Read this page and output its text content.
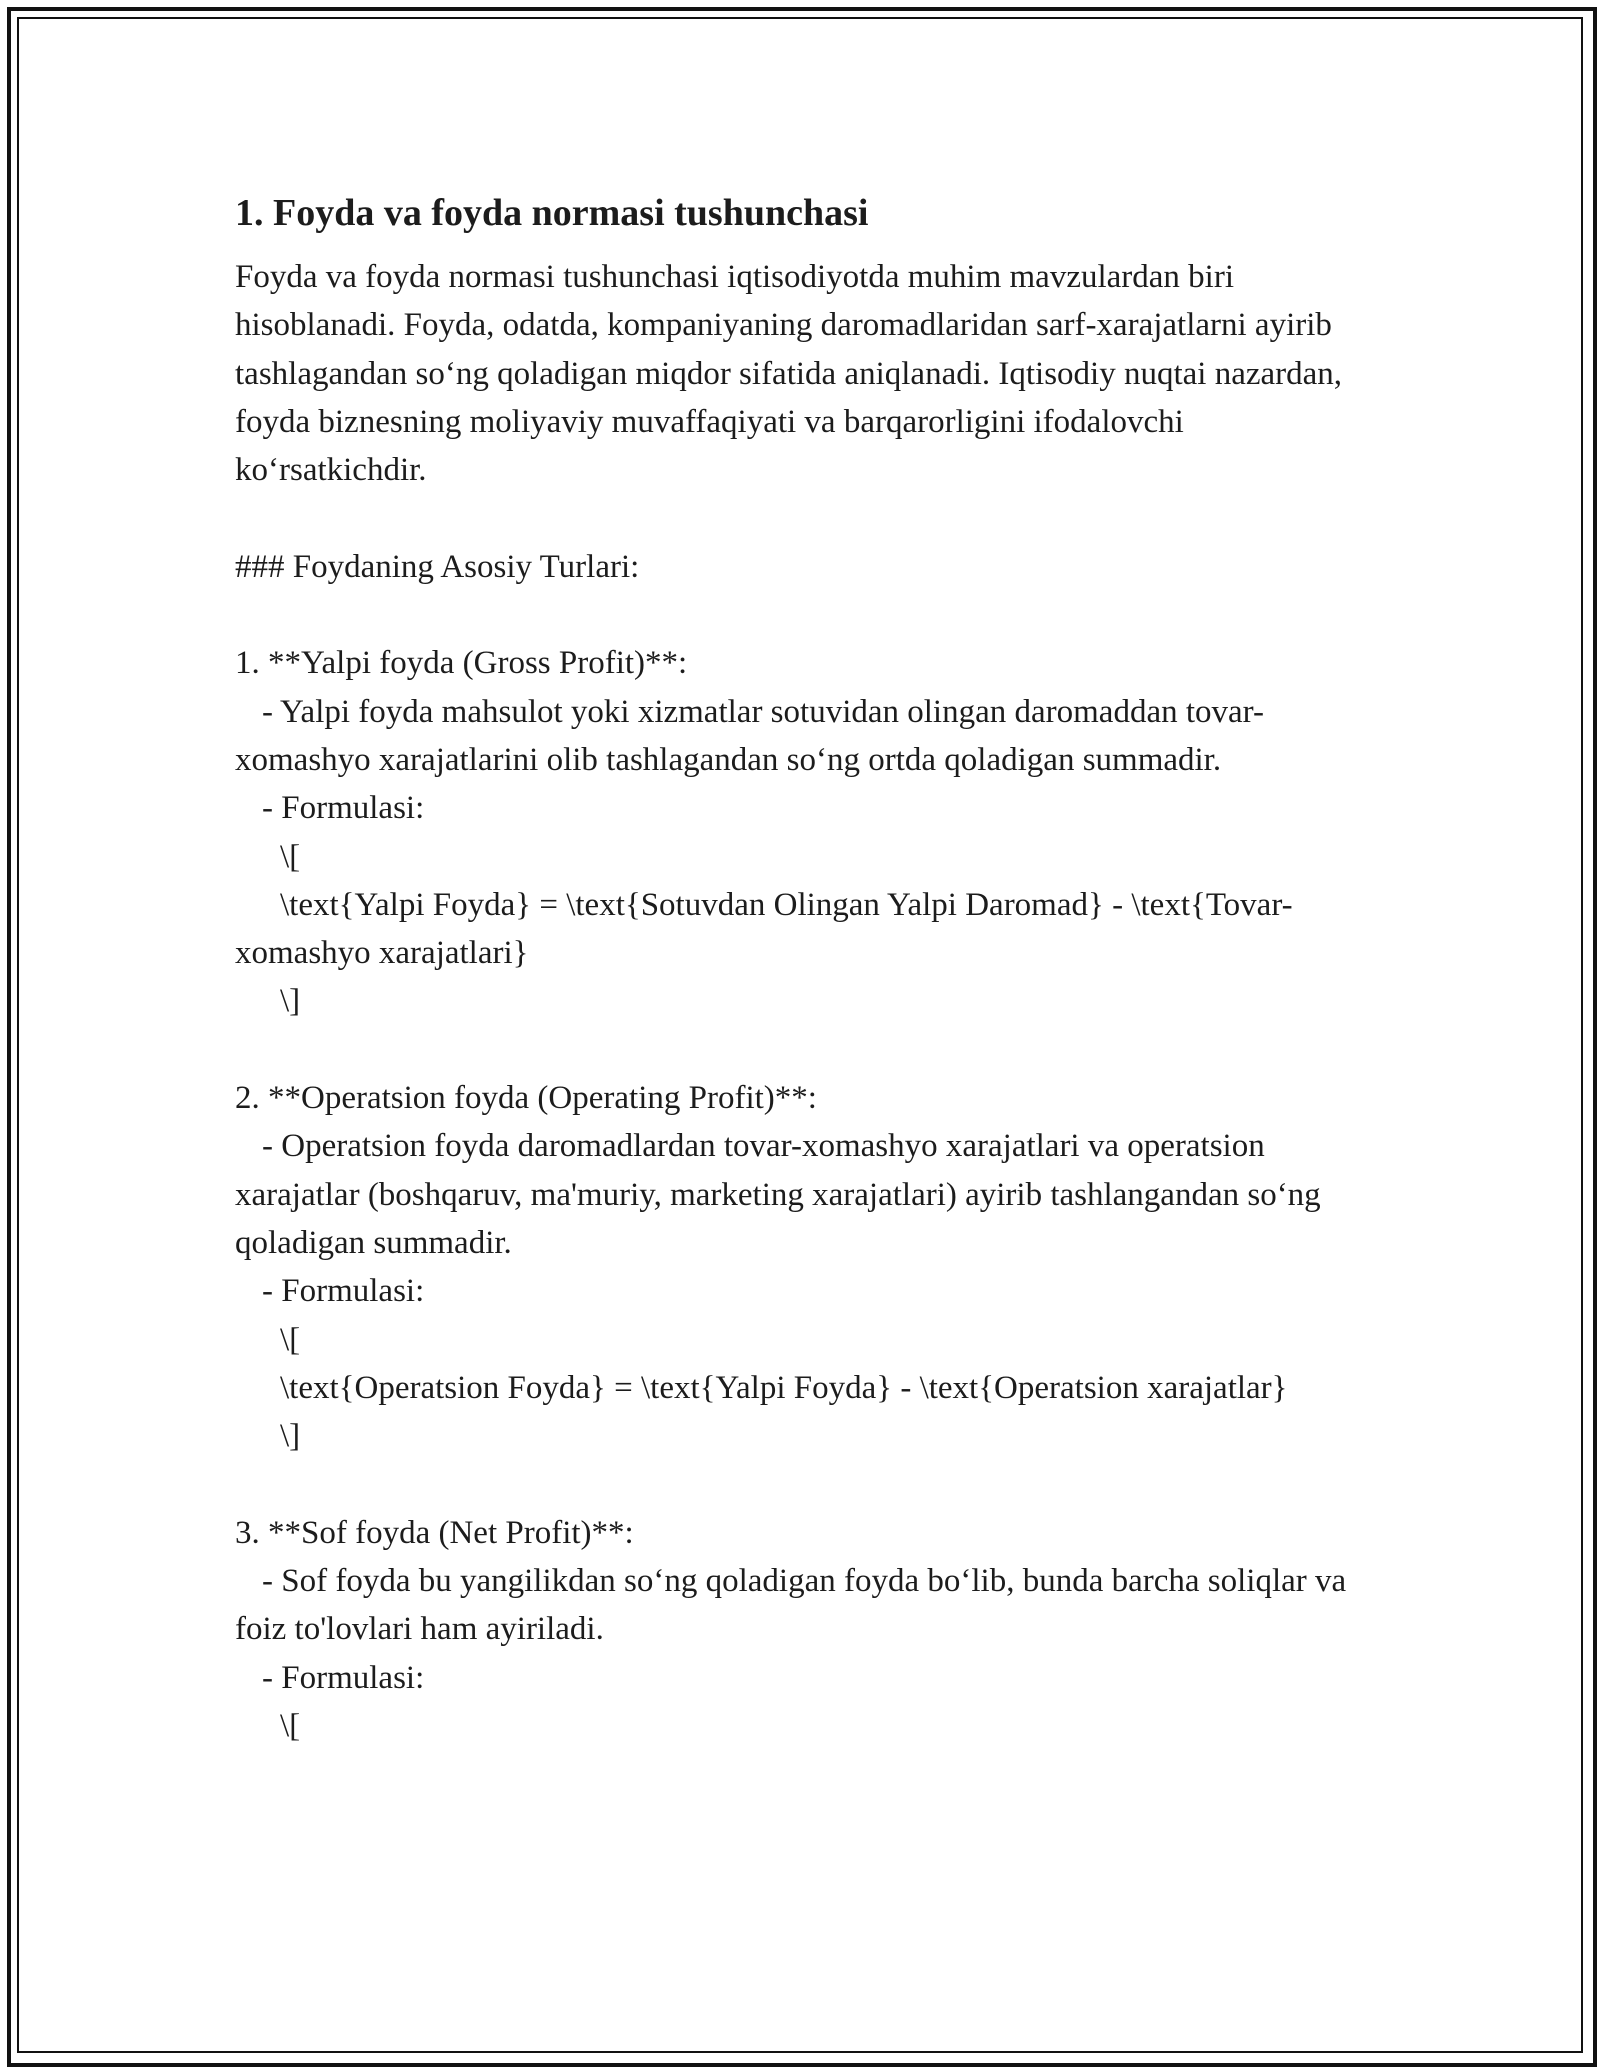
1. Foyda va foyda normasi tushunchasi

Foyda va foyda normasi tushunchasi iqtisodiyotda muhim mavzulardan biri hisoblanadi. Foyda, odatda, kompaniyaning daromadlaridan sarf-xarajatlarni ayirib tashlagandan so‘ng qoladigan miqdor sifatida aniqlanadi. Iqtisodiy nuqtai nazardan, foyda biznesning moliyaviy muvaffaqiyati va barqarorligini ifodalovchi ko‘rsatkichdir.

### Foydaning Asosiy Turlari:
1. **Yalpi foyda (Gross Profit)**:

- Yalpi foyda mahsulot yoki xizmatlar sotuvidan olingan daromaddan tovar-xomashyo xarajatlarini olib tashlagandan so‘ng ortda qoladigan summadir.

- Formulasi:
\[

\text{Yalpi Foyda} = \text{Sotuvdan Olingan Yalpi Daromad} - \text{Tovar-xomashyo xarajatlari}

\]
2. **Operatsion foyda (Operating Profit)**:

- Operatsion foyda daromadlardan tovar-xomashyo xarajatlari va operatsion xarajatlar (boshqaruv, ma'muriy, marketing xarajatlari) ayirib tashlangandan so‘ng qoladigan summadir.

- Formulasi:
\[

\text{Operatsion Foyda} = \text{Yalpi Foyda} - \text{Operatsion xarajatlar}

\]
3. **Sof foyda (Net Profit)**:

- Sof foyda bu yangilikdan so‘ng qoladigan foyda bo‘lib, bunda barcha soliqlar va foiz to'lovlari ham ayiriladi.

- Formulasi:
\[
